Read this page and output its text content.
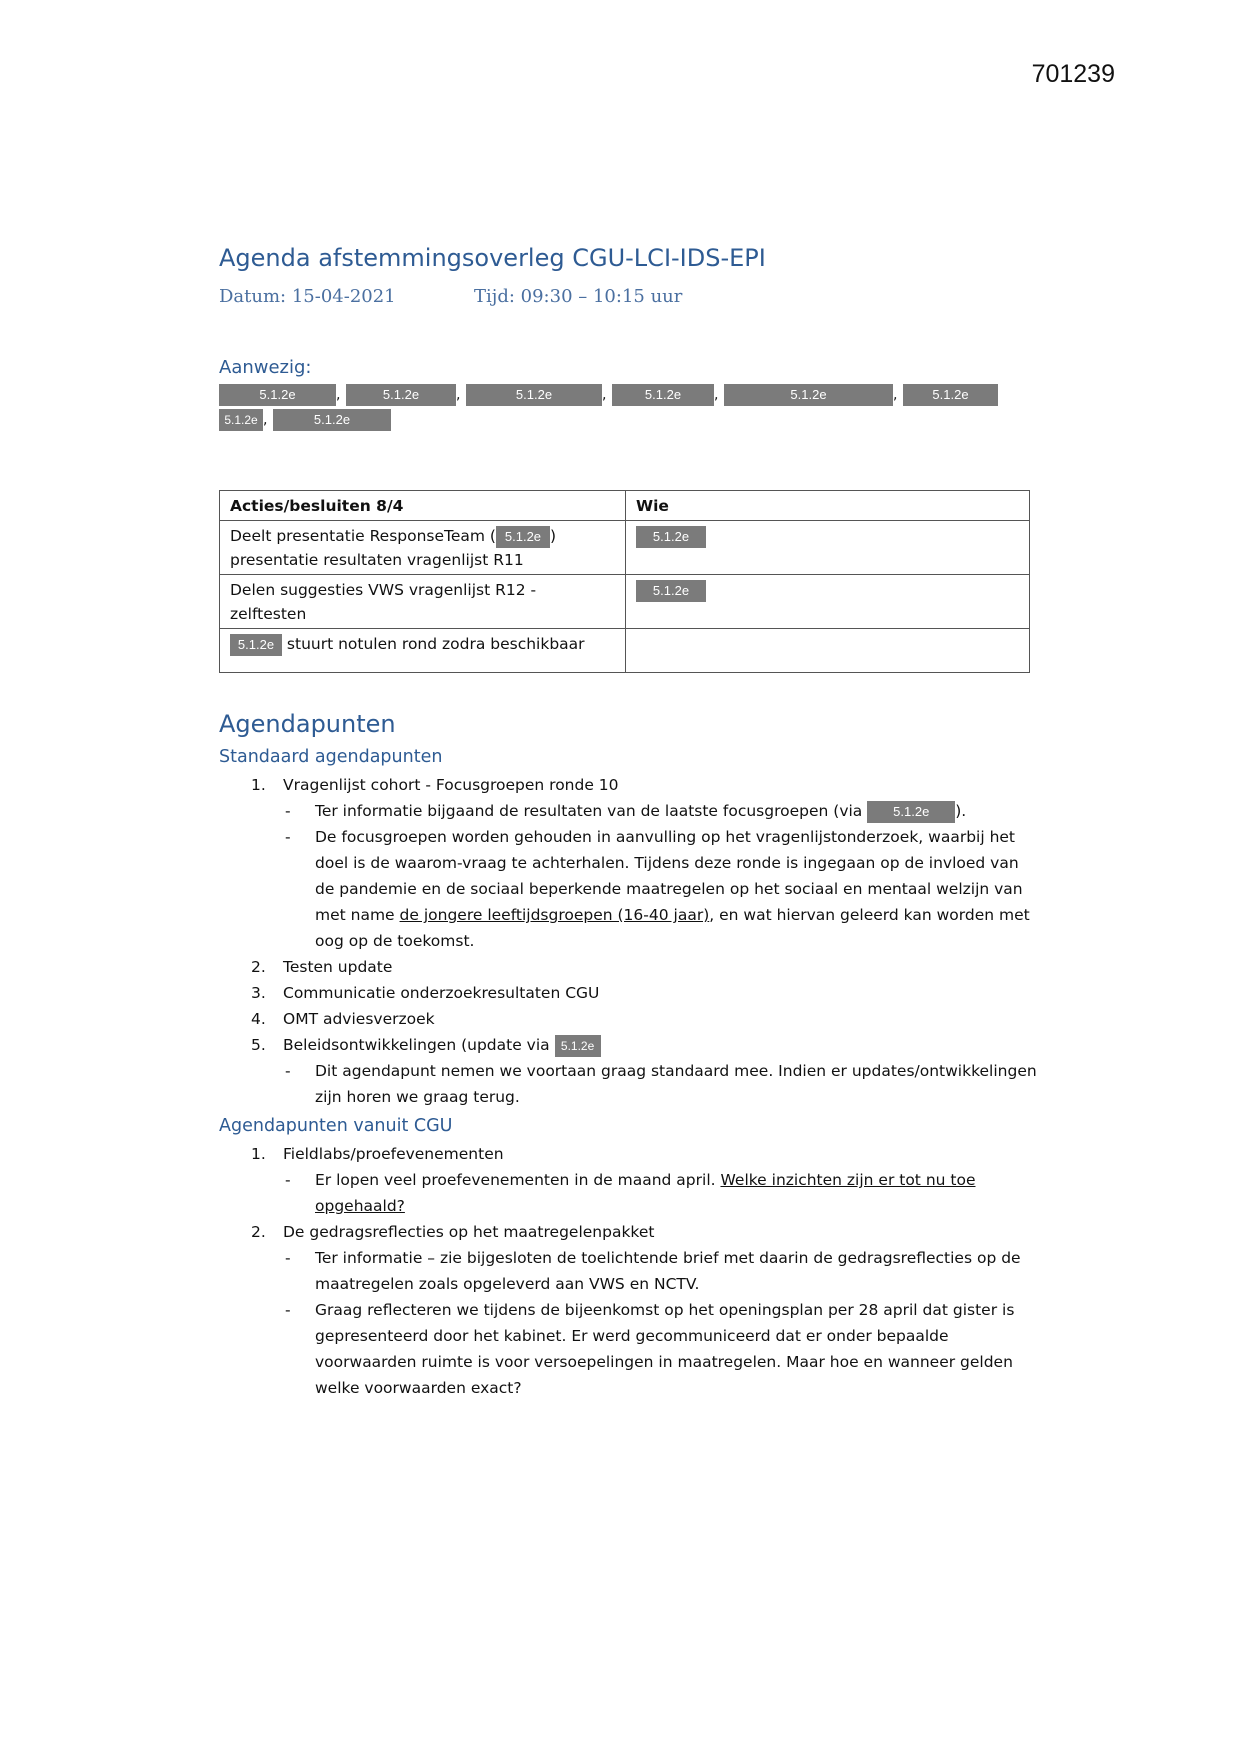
701239
Agenda afstemmingsoverleg CGU-LCI-IDS-EPI
Datum: 15-04-2021	Tijd: 09:30 – 10:15 uur
Aanwezig:
5.1.2e	,	5.1.2e	,	5.1.2e	,	5.1.2e	,	5.1.2e	,	5.1.2e
5.1.2e ,	5.1.2e
Acties/besluiten 8/4	Wie
Deelt presentatie ResponseTeam ( 5.1.2e )
presentatie resultaten vragenlijst R11	5.1.2e
Delen suggesties VWS vragenlijst R12 - zelftesten	5.1.2e
5.1.2e stuurt notulen rond zodra beschikbaar	
Agendapunten
Standaard agendapunten
1. Vragenlijst cohort - Focusgroepen ronde 10
- Ter informatie bijgaand de resultaten van de laatste focusgroepen (via 5.1.2e ).
- De focusgroepen worden gehouden in aanvulling op het vragenlijstonderzoek, waarbij het doel is de waarom-vraag te achterhalen. Tijdens deze ronde is ingegaan op de invloed van de pandemie en de sociaal beperkende maatregelen op het sociaal en mentaal welzijn van met name de jongere leeftijdsgroepen (16-40 jaar), en wat hiervan geleerd kan worden met oog op de toekomst.
2. Testen update
3. Communicatie onderzoekresultaten CGU
4. OMT adviesverzoek
5. Beleidsontwikkelingen (update via 5.1.2e
- Dit agendapunt nemen we voortaan graag standaard mee. Indien er updates/ontwikkelingen zijn horen we graag terug.
Agendapunten vanuit CGU
1. Fieldlabs/proefevenementen
- Er lopen veel proefevenementen in de maand april. Welke inzichten zijn er tot nu toe opgehaald?
2. De gedragsreflecties op het maatregelenpakket
- Ter informatie – zie bijgesloten de toelichtende brief met daarin de gedragsreflecties op de maatregelen zoals opgeleverd aan VWS en NCTV.
- Graag reflecteren we tijdens de bijeenkomst op het openingsplan per 28 april dat gister is gepresenteerd door het kabinet. Er werd gecommuniceerd dat er onder bepaalde voorwaarden ruimte is voor versoepelingen in maatregelen. Maar hoe en wanneer gelden welke voorwaarden exact?
